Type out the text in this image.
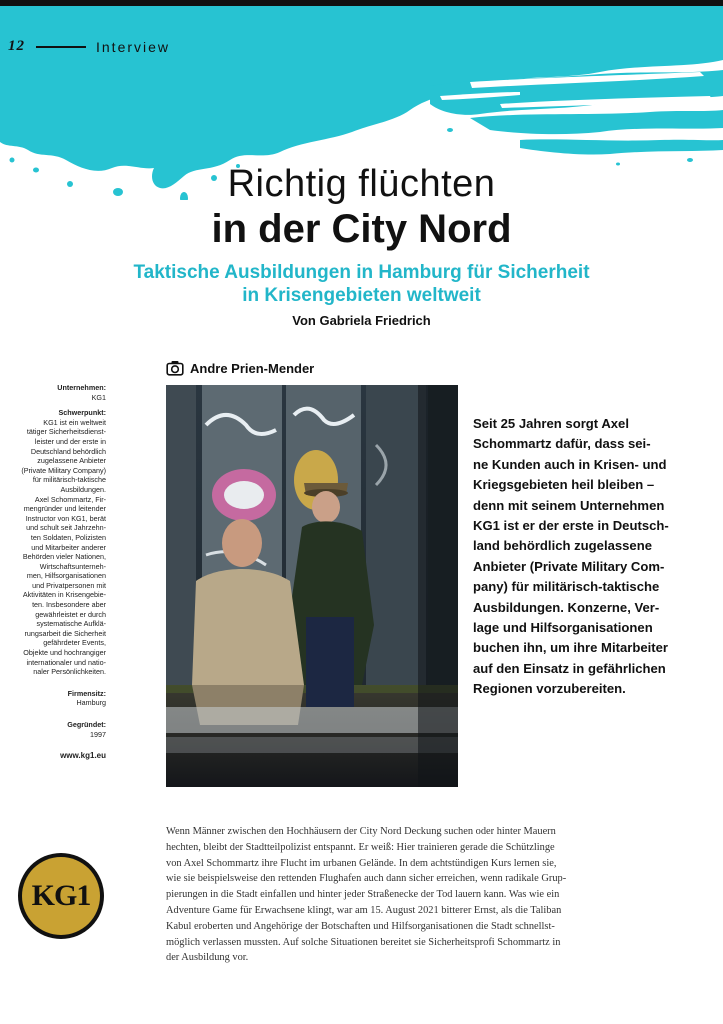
12	Interview
Richtig flüchten
in der City Nord
Taktische Ausbildungen in Hamburg für Sicherheit
in Krisengebieten weltweit
Von Gabriela Friedrich
Andre Prien-Mender
Unternehmen:
KG1
Schwerpunkt:
KG1 ist ein weltweit
tätiger Sicherheitsdienst-
leister und der erste in
Deutschland behördlich
zugelassene Anbieter
(Private Military Company)
für militärisch-taktische
Ausbildungen.
Axel Schommartz, Fir-
mengründer und leitender
Instructor von KG1, berät
und schult seit Jahrzehn-
ten Soldaten, Polizisten
und Mitarbeiter anderer
Behörden vieler Nationen,
Wirtschaftsunterneh-
men, Hilfsorganisationen
und Privatpersonen mit
Aktivitäten in Krisengebie-
ten. Insbesondere aber
gewährleistet er durch
systematische Aufklä-
rungsarbeit die Sicherheit
gefährdeter Events,
Objekte und hochrangiger
internationaler und natio-
naler Persönlichkeiten.
Firmensitz:
Hamburg
Gegründet:
1997
www.kg1.eu
KG1
Seit 25 Jahren sorgt Axel
Schommartz dafür, dass sei-
ne Kunden auch in Krisen- und
Kriegsgebieten heil bleiben –
denn mit seinem Unternehmen
KG1 ist er der erste in Deutsch-
land behördlich zugelassene
Anbieter (Private Military Com-
pany) für militärisch-taktische
Ausbildungen. Konzerne, Ver-
lage und Hilfsorganisationen
buchen ihn, um ihre Mitarbeiter
auf den Einsatz in gefährlichen
Regionen vorzubereiten.
Wenn Männer zwischen den Hochhäusern der City Nord Deckung suchen oder hinter Mauern
hechten, bleibt der Stadtteilpolizist entspannt. Er weiß: Hier trainieren gerade die Schützlinge
von Axel Schommartz ihre Flucht im urbanen Gelände. In dem achtstündigen Kurs lernen sie,
wie sie beispielsweise den rettenden Flughafen auch dann sicher erreichen, wenn radikale Grup-
pierungen in die Stadt einfallen und hinter jeder Straßenecke der Tod lauern kann. Was wie ein
Adventure Game für Erwachsene klingt, war am 15. August 2021 bitterer Ernst, als die Taliban
Kabul eroberten und Angehörige der Botschaften und Hilfsorganisationen die Stadt schnellst-
möglich verlassen mussten. Auf solche Situationen bereitet sie Sicherheitsprofi Schommartz in
der Ausbildung vor.
